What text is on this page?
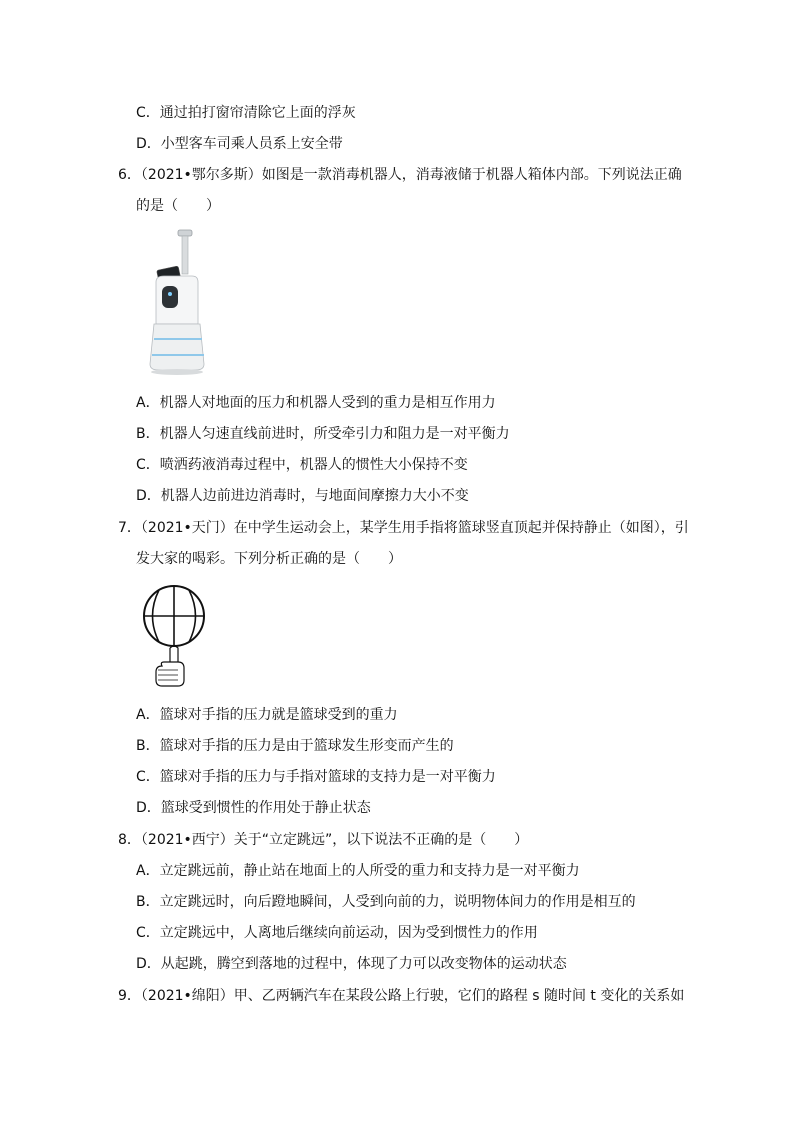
C．通过拍打窗帘清除它上面的浮灰
D．小型客车司乘人员系上安全带
6．（2021•鄂尔多斯）如图是一款消毒机器人，消毒液储于机器人箱体内部。下列说法正确
的是（　　）
A．机器人对地面的压力和机器人受到的重力是相互作用力
B．机器人匀速直线前进时，所受牵引力和阻力是一对平衡力
C．喷洒药液消毒过程中，机器人的惯性大小保持不变
D．机器人边前进边消毒时，与地面间摩擦力大小不变
7．（2021•天门）在中学生运动会上，某学生用手指将篮球竖直顶起并保持静止（如图），引
发大家的喝彩。下列分析正确的是（　　）
A．篮球对手指的压力就是篮球受到的重力
B．篮球对手指的压力是由于篮球发生形变而产生的
C．篮球对手指的压力与手指对篮球的支持力是一对平衡力
D．篮球受到惯性的作用处于静止状态
8．（2021•西宁）关于“立定跳远”，以下说法不正确的是（　　）
A．立定跳远前，静止站在地面上的人所受的重力和支持力是一对平衡力
B．立定跳远时，向后蹬地瞬间，人受到向前的力，说明物体间力的作用是相互的
C．立定跳远中，人离地后继续向前运动，因为受到惯性力的作用
D．从起跳，腾空到落地的过程中，体现了力可以改变物体的运动状态
9．（2021•绵阳）甲、乙两辆汽车在某段公路上行驶，它们的路程 s 随时间 t 变化的关系如
